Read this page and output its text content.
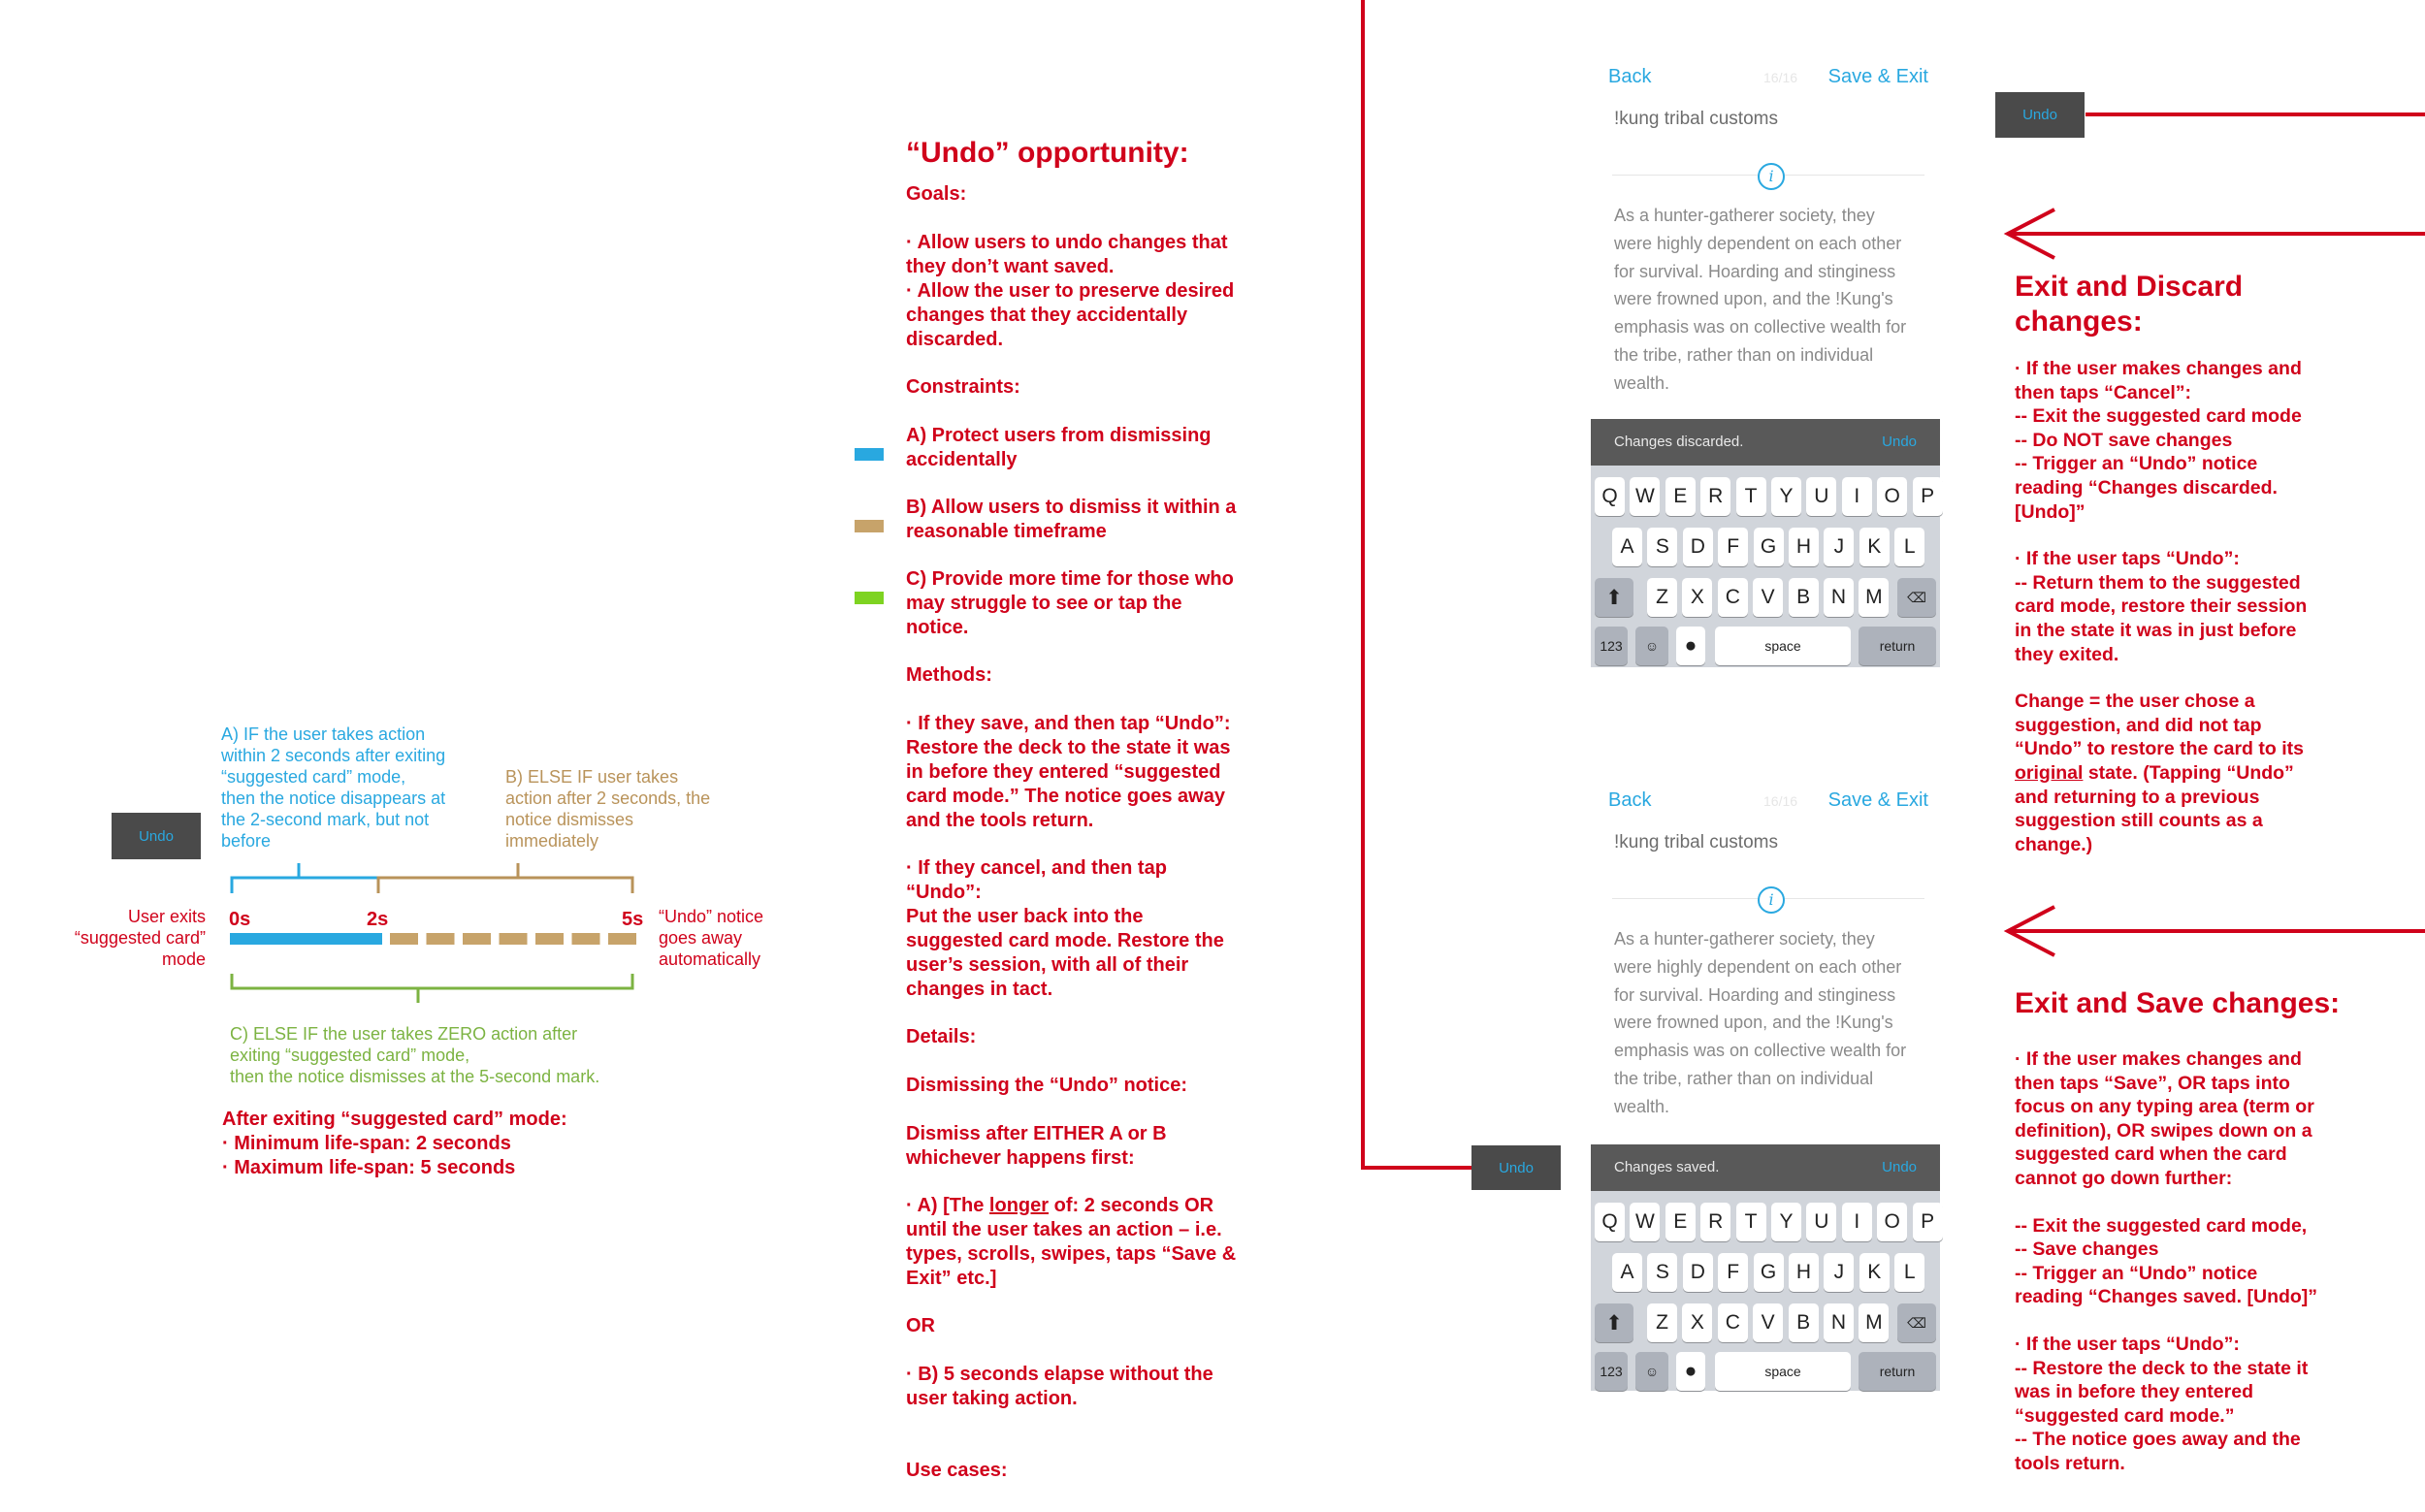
Undo
Undo
Undo
A) IF the user takes action
within 2 seconds after exiting
“suggested card” mode,
then the notice disappears at
the 2-second mark, but not
before
B) ELSE IF user takes
action after 2 seconds, the
notice dismisses
immediately
User exits
“suggested card”
mode
“Undo” notice
goes away
automatically
0s	2s	5s
C) ELSE IF the user takes ZERO action after
exiting “suggested card” mode,
then the notice dismisses at the 5-second mark.
After exiting “suggested card” mode:
· Minimum life-span: 2 seconds
· Maximum life-span: 5 seconds
“Undo” opportunity:

Goals:

· Allow users to undo changes that
they don’t want saved.

· Allow the user to preserve desired
changes that they accidentally
discarded.

Constraints:

A) Protect users from dismissing
accidentally

B) Allow users to dismiss it within a
reasonable timeframe

C) Provide more time for those who
may struggle to see or tap the
notice.

Methods:

· If they save, and then tap “Undo”:
Restore the deck to the state it was
in before they entered “suggested
card mode.” The notice goes away
and the tools return.

· If they cancel, and then tap
“Undo”:

Put the user back into the
suggested card mode. Restore the
user’s session, with all of their
changes in tact.

Details:

Dismissing the “Undo” notice:

Dismiss after EITHER A or B
whichever happens first:

· A) [The longer of: 2 seconds OR
until the user takes an action – i.e.
types, scrolls, swipes, taps “Save &
Exit” etc.]

OR

· B) 5 seconds elapse without the
user taking action.

Use cases:

Back	16/16 Save & Exit
!kung tribal customs
i
As a hunter-gatherer society, they were highly dependent on each other for survival. Hoarding and stinginess were frowned upon, and the !Kung's emphasis was on collective wealth for the tribe, rather than on individual wealth.
Changes discarded.	Undo
Q W E	R	T	Y	U	I	O	P
A	S	D	F	G H	J	K	L
⬆	Z	X	C	V	B	N M	⌫
123	☺	●	space	return
Back	16/16 Save & Exit
!kung tribal customs
i
As a hunter-gatherer society, they were highly dependent on each other for survival. Hoarding and stinginess were frowned upon, and the !Kung's emphasis was on collective wealth for the tribe, rather than on individual wealth.
Changes saved.	Undo
Q W E	R	T	Y	U	I	O	P
A	S	D	F	G H	J	K	L
⬆	Z	X	C	V	B	N M	⌫
123	☺	●	space	return
Exit and Discard
changes:

· If the user makes changes and
then taps “Cancel”:
-- Exit the suggested card mode
-- Do NOT save changes
-- Trigger an “Undo” notice
reading “Changes discarded.
[Undo]”

· If the user taps “Undo”:
-- Return them to the suggested
card mode, restore their session
in the state it was in just before
they exited.

Change = the user chose a
suggestion, and did not tap
“Undo” to restore the card to its
original state. (Tapping “Undo”
and returning to a previous
suggestion still counts as a
change.)

Exit and Save changes:

· If the user makes changes and
then taps “Save”, OR taps into
focus on any typing area (term or
definition), OR swipes down on a
suggested card when the card
cannot go down further:

-- Exit the suggested card mode,
-- Save changes
-- Trigger an “Undo” notice
reading “Changes saved. [Undo]”

· If the user taps “Undo”:
-- Restore the deck to the state it
was in before they entered
“suggested card mode.”
-- The notice goes away and the
tools return.
